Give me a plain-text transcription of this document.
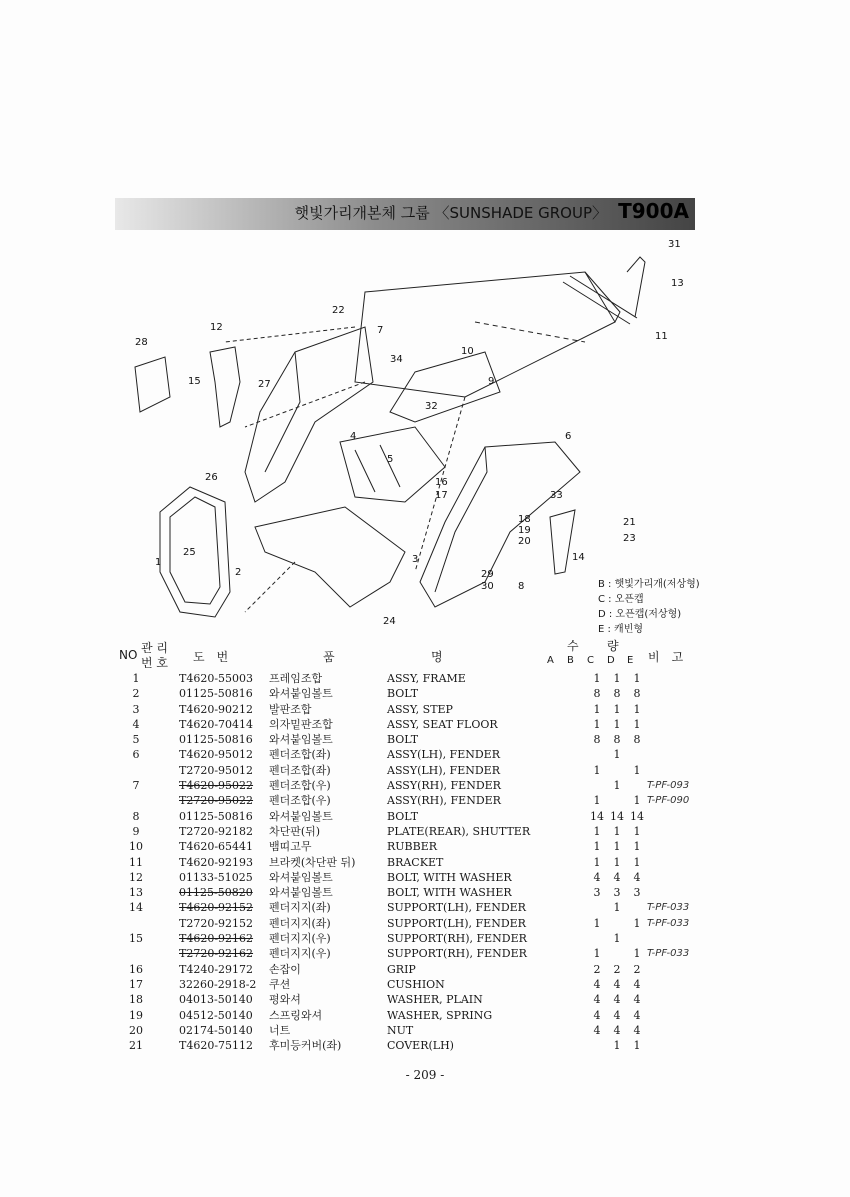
햇빛가리개본체 그룹 〈SUNSHADE GROUP〉 T900A
1
2
3
4
5
6
7
8
9
10
11
12
13
14
15
16
17
18
19
20
21
22
23
24
25
26
27
28
29
30
31
32
33
34
B : 햇빛가리개(저상형)
C : 오픈캡
D : 오픈캡(저상형)
E : 캐빈형
NO 관 리
번 호 도　번	품	명
수 량
A B C D E 비　고
1	T4620-55003	프레임조합	ASSY, FRAME		1	1	1	
2	01125-50816	와셔붙임볼트	BOLT		8	8	8	
3	T4620-90212	발판조합	ASSY, STEP		1	1	1	
4	T4620-70414	의자밑판조합	ASSY, SEAT FLOOR		1	1	1	
5	01125-50816	와셔붙임볼트	BOLT		8	8	8	
6	T4620-95012	펜더조합(좌)	ASSY(LH), FENDER			1		
	T2720-95012	펜더조합(좌)	ASSY(LH), FENDER		1		1	
7	T4620-95022	펜더조합(우)	ASSY(RH), FENDER			1		T-PF-093
	T2720-95022	펜더조합(우)	ASSY(RH), FENDER		1		1	T-PF-090
8	01125-50816	와셔붙임볼트	BOLT		14	14	14	
9	T2720-92182	차단판(뒤)	PLATE(REAR), SHUTTER		1	1	1	
10	T4620-65441	뱀띠고무	RUBBER		1	1	1	
11	T4620-92193	브라켓(차단판 뒤)	BRACKET		1	1	1	
12	01133-51025	와셔붙임볼트	BOLT, WITH WASHER		4	4	4	
13	01125-50820	와셔붙임볼트	BOLT, WITH WASHER		3	3	3	
14	T4620-92152	펜더지지(좌)	SUPPORT(LH), FENDER			1		T-PF-033
	T2720-92152	펜더지지(좌)	SUPPORT(LH), FENDER		1		1	T-PF-033
15	T4620-92162	펜더지지(우)	SUPPORT(RH), FENDER			1		
	T2720-92162	펜더지지(우)	SUPPORT(RH), FENDER		1		1	T-PF-033
16	T4240-29172	손잡이	GRIP		2	2	2	
17	32260-2918-2	쿠션	CUSHION		4	4	4	
18	04013-50140	평와셔	WASHER, PLAIN		4	4	4	
19	04512-50140	스프링와셔	WASHER, SPRING		4	4	4	
20	02174-50140	너트	NUT		4	4	4	
21	T4620-75112	후미등커버(좌)	COVER(LH)			1	1	
- 209 -
